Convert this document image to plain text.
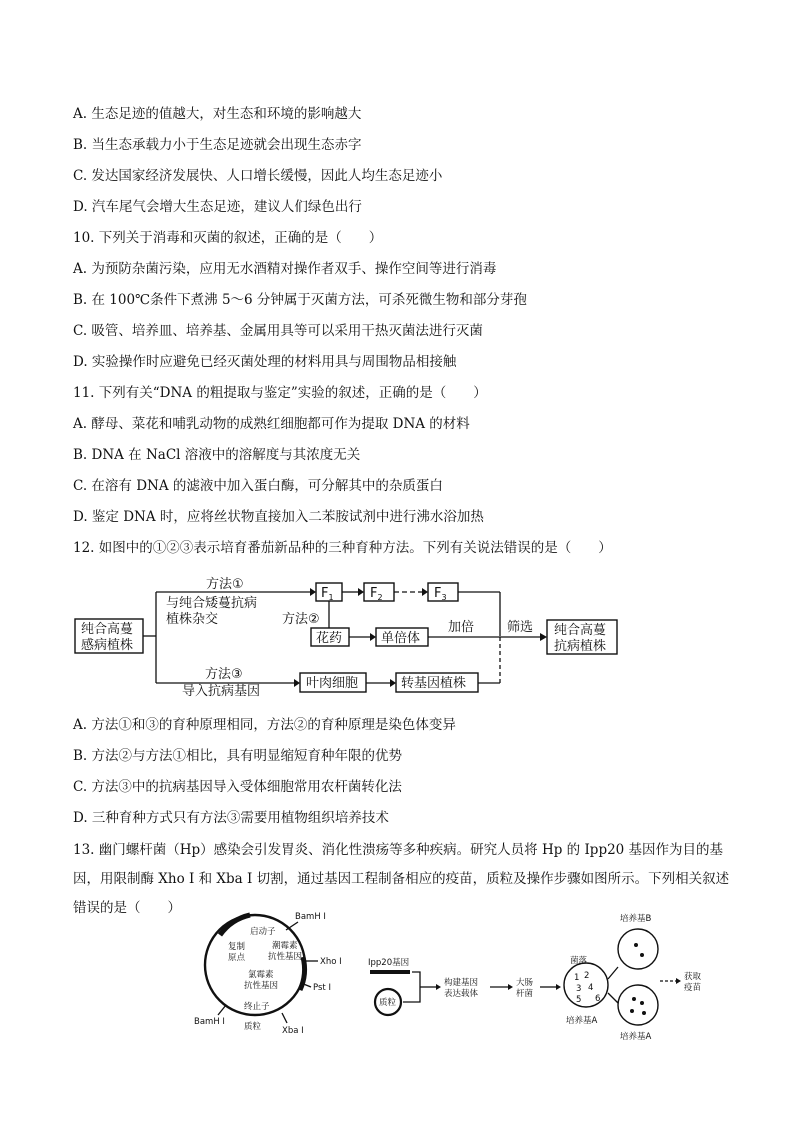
A. 生态足迹的值越大，对生态和环境的影响越大
B. 当生态承载力小于生态足迹就会出现生态赤字
C. 发达国家经济发展快、人口增长缓慢，因此人均生态足迹小
D. 汽车尾气会增大生态足迹，建议人们绿色出行
10. 下列关于消毒和灭菌的叙述，正确的是（　　）
A. 为预防杂菌污染，应用无水酒精对操作者双手、操作空间等进行消毒
B. 在 100℃条件下煮沸 5～6 分钟属于灭菌方法，可杀死微生物和部分芽孢
C. 吸管、培养皿、培养基、金属用具等可以采用干热灭菌法进行灭菌
D. 实验操作时应避免已经灭菌处理的材料用具与周围物品相接触
11. 下列有关“DNA 的粗提取与鉴定”实验的叙述，正确的是（　　）
A. 酵母、菜花和哺乳动物的成熟红细胞都可作为提取 DNA 的材料
B. DNA 在 NaCl 溶液中的溶解度与其浓度无关
C. 在溶有 DNA 的滤液中加入蛋白酶，可分解其中的杂质蛋白
D. 鉴定 DNA 时，应将丝状物直接加入二苯胺试剂中进行沸水浴加热
12. 如图中的①②③表示培育番茄新品种的三种育种方法。下列有关说法错误的是（　　）
纯合高蔓
感病植株
方法①
与纯合矮蔓抗病
植株杂交
$F_1$	$F_2$	$F_3$
方法②
花药	单倍体
加倍	筛选 纯合高蔓
抗病植株
方法③
导入抗病基因
叶肉细胞	转基因植株
A. 方法①和③的育种原理相同，方法②的育种原理是染色体变异
B. 方法②与方法①相比，具有明显缩短育种年限的优势
C. 方法③中的抗病基因导入受体细胞常用农杆菌转化法
D. 三种育种方式只有方法③需要用植物组织培养技术
13. 幽门螺杆菌（Hp）感染会引发胃炎、消化性溃疡等多种疾病。研究人员将 Hp 的 Ipp20 基因作为目的基因，用限制酶 Xho I 和 Xba I 切割，通过基因工程制备相应的疫苗，质粒及操作步骤如图所示。下列相关叙述错误的是（　　）
BamH I
启动子
复制
原点
潮霉素
抗性基因 Xho I
Pst I
氯霉素
抗性基因
终止子
BamH I 质粒 Xba I
Ipp20基因
质粒
构建基因
表达载体
大肠
杆菌
菌落
1 2
3 4
5 6
培养基A
培养基B
培养基A
获取
疫苗
